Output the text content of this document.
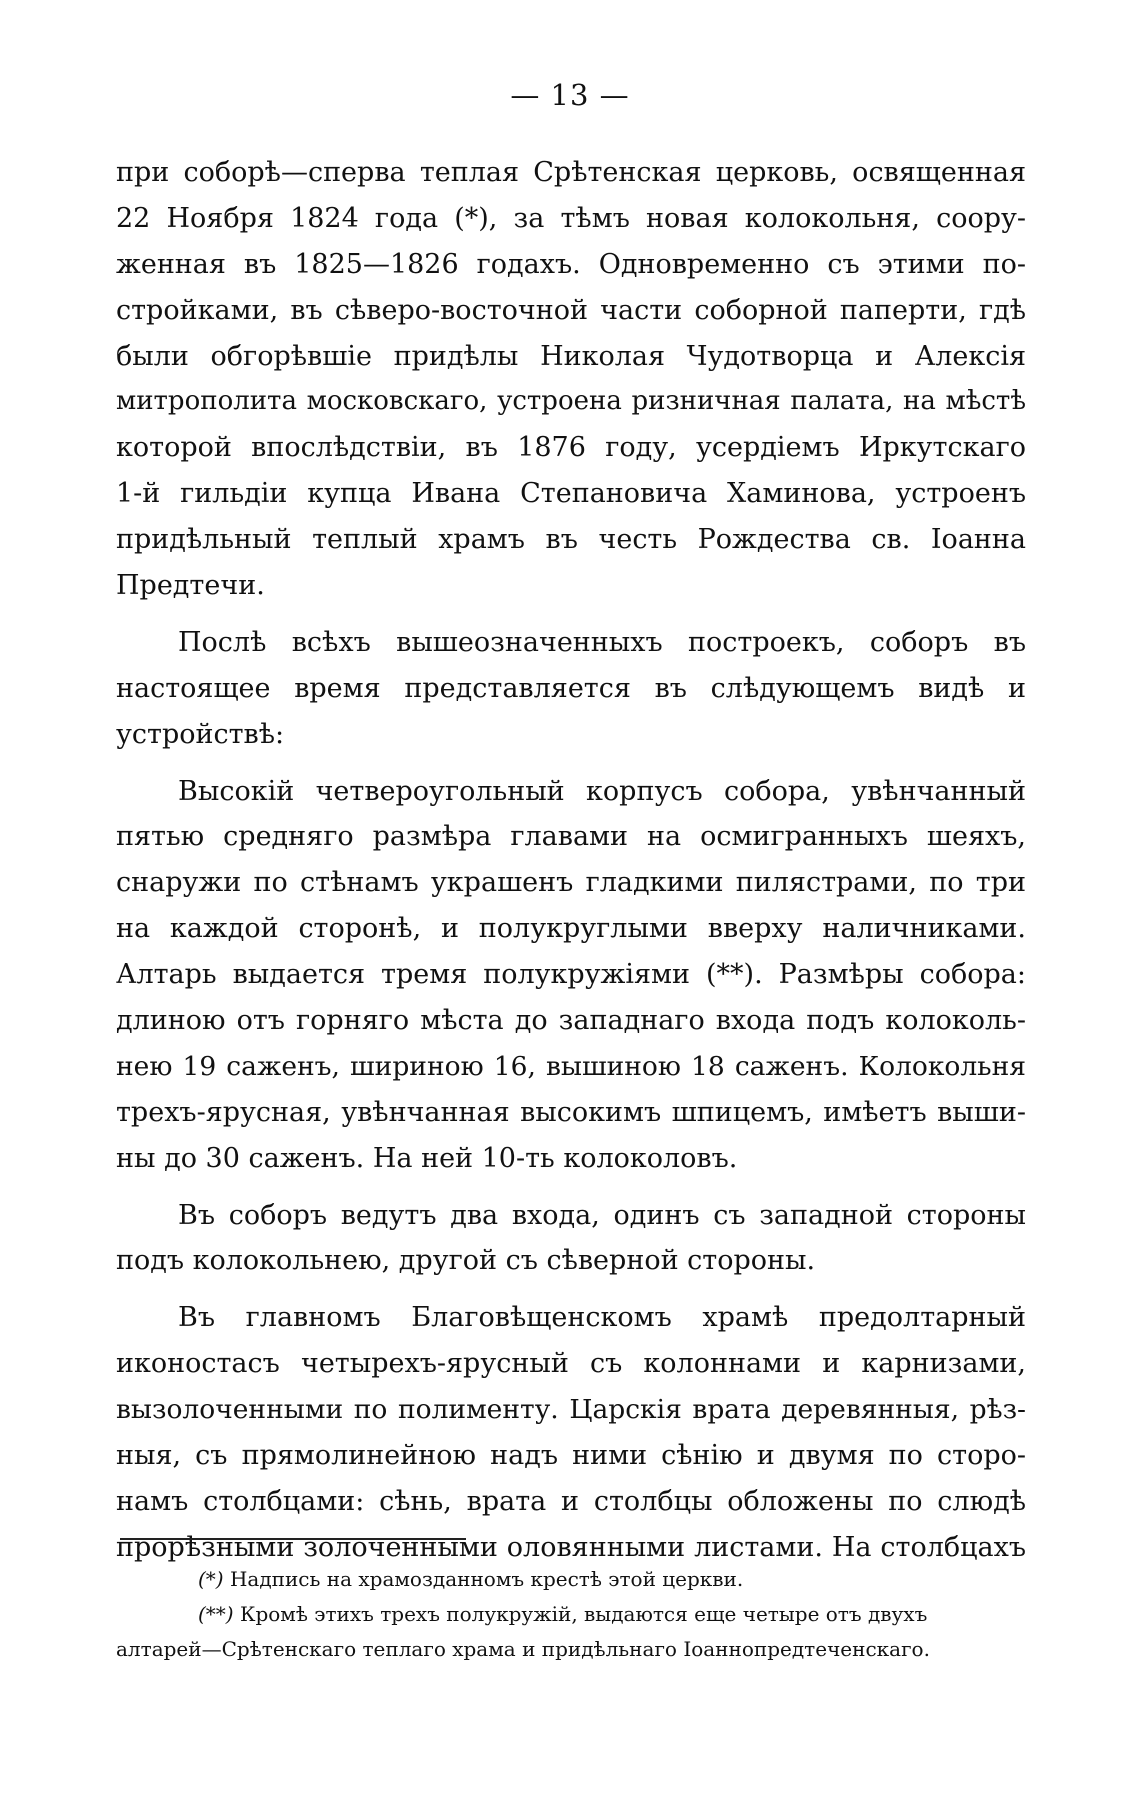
— 13 —
при соборѣ—сперва теплая Срѣтенская церковь, освященная
22 Ноября 1824 года (*), за тѣмъ новая колокольня, соору-
женная въ 1825—1826 годахъ. Одновременно съ этими по-
стройками, въ сѣверо-восточной части соборной паперти, гдѣ
были обгорѣвшіе придѣлы Николая Чудотворца и Алексія
митрополита московскаго, устроена ризничная палата, на мѣстѣ
которой впослѣдствіи, въ 1876 году, усердіемъ Иркутскаго
1-й гильдіи купца Ивана Степановича Хаминова, устроенъ
придѣльный теплый храмъ въ честь Рождества св. Іоанна
Предтечи.
Послѣ всѣхъ вышеозначенныхъ построекъ, соборъ въ
настоящее время представляется въ слѣдующемъ видѣ и
устройствѣ:
Высокій четвероугольный корпусъ собора, увѣнчанный
пятью средняго размѣра главами на осмигранныхъ шеяхъ,
снаружи по стѣнамъ украшенъ гладкими пилястрами, по три
на каждой сторонѣ, и полукруглыми вверху наличниками.
Алтарь выдается тремя полукружіями (**). Размѣры собора:
длиною отъ горняго мѣста до западнаго входа подъ колоколь-
нею 19 саженъ, шириною 16, вышиною 18 саженъ. Колокольня
трехъ-ярусная, увѣнчанная высокимъ шпицемъ, имѣетъ выши-
ны до 30 саженъ. На ней 10-ть колоколовъ.
Въ соборъ ведутъ два входа, одинъ съ западной стороны
подъ колокольнею, другой съ сѣверной стороны.
Въ главномъ Благовѣщенскомъ храмѣ предолтарный
иконостасъ четырехъ-ярусный съ колоннами и карнизами,
вызолоченными по полименту. Царскія врата деревянныя, рѣз-
ныя, съ прямолинейною надъ ними сѣнію и двумя по сторо-
намъ столбцами: сѣнь, врата и столбцы обложены по слюдѣ
прорѣзными золоченными оловянными листами. На столбцахъ
(*) Надпись на храмозданномъ крестѣ этой церкви.
(**) Кромѣ этихъ трехъ полукружій, выдаются еще четыре отъ двухъ
алтарей—Срѣтенскаго теплаго храма и придѣльнаго Іоаннопредтеченскаго.
